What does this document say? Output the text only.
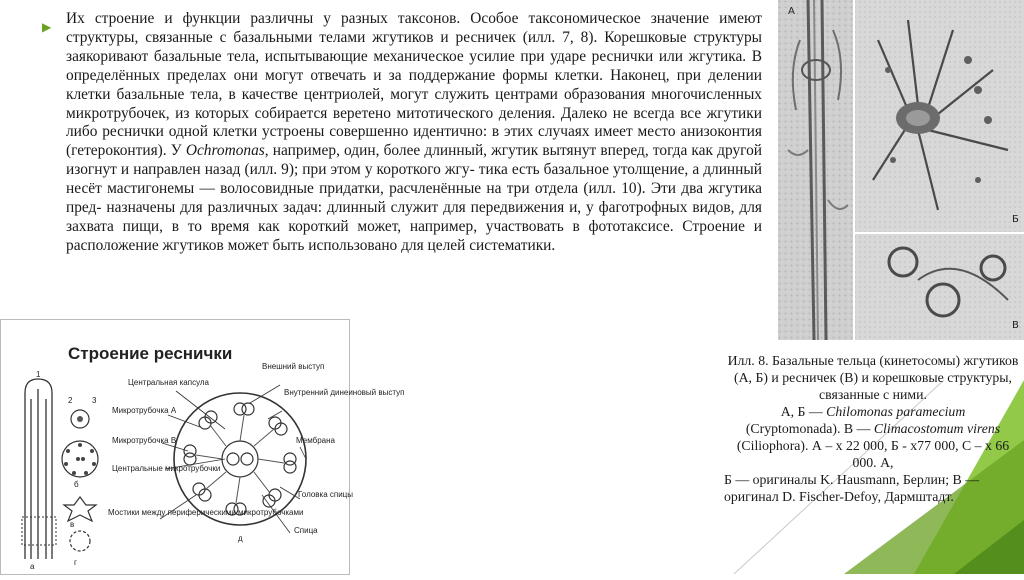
▶ Их строение и функции различны у разных таксонов. Особое таксономическое значение имеют структуры, связанные с базальными телами жгутиков и ресничек (илл. 7, 8). Корешковые структуры заякоривают базальные тела, испытывающие механическое усилие при ударе реснички или жгутика. В определённых пределах они могут отвечать и за поддержание формы клетки. Наконец, при делении клетки базальные тела, в качестве центриолей, могут служить центрами образования многочисленных микротрубочек, из которых собирается веретено митотического деления. Далеко не всегда все жгутики либо реснички одной клетки устроены совершенно идентично: в этих случаях имеет место анизоконтия (гетероконтия). У Ochromonas, например, один, более длинный, жгутик вытянут вперед, тогда как другой изогнут и направлен назад (илл. 9); при этом у короткого жгу- тика есть базальное утолщение, а длинный несёт мастигонемы — волосовидные придатки, расчленённые на три отдела (илл. 10). Эти два жгутика пред- назначены для различных задач: длинный служит для передвижения и, у фаготрофных видов, для захвата пищи, в то время как короткий может, например, участвовать в фототаксисе. Строение и расположение жгутиков может быть использовано для целей систематики.

А
Б
В

Илл. 8. Базальные тельца (кинетосомы) жгутиков (А, Б) и ресничек (В) и корешковые структуры, связанные с ними.
А, Б — Chilomonas paramecium
(Cryptomonada). В — Climacostomum virens
(Ciliophora). А – х 22 000, Б - х77 000, С – х 66 000. А,
Б — оригиналы K. Hausmann, Берлин; В — оригинал D. Fischer-Defoy, Дармштадт.

Строение реснички
Центральная капсула
Микротрубочка А
Микротрубочка В
Центральные микротрубочки
Мостики между периферическими микротрубочками
Внешний выступ
Внутренний динеиновый выступ
Мембрана
Головка спицы
Спица
1
2 3
а
б
в
г
д
